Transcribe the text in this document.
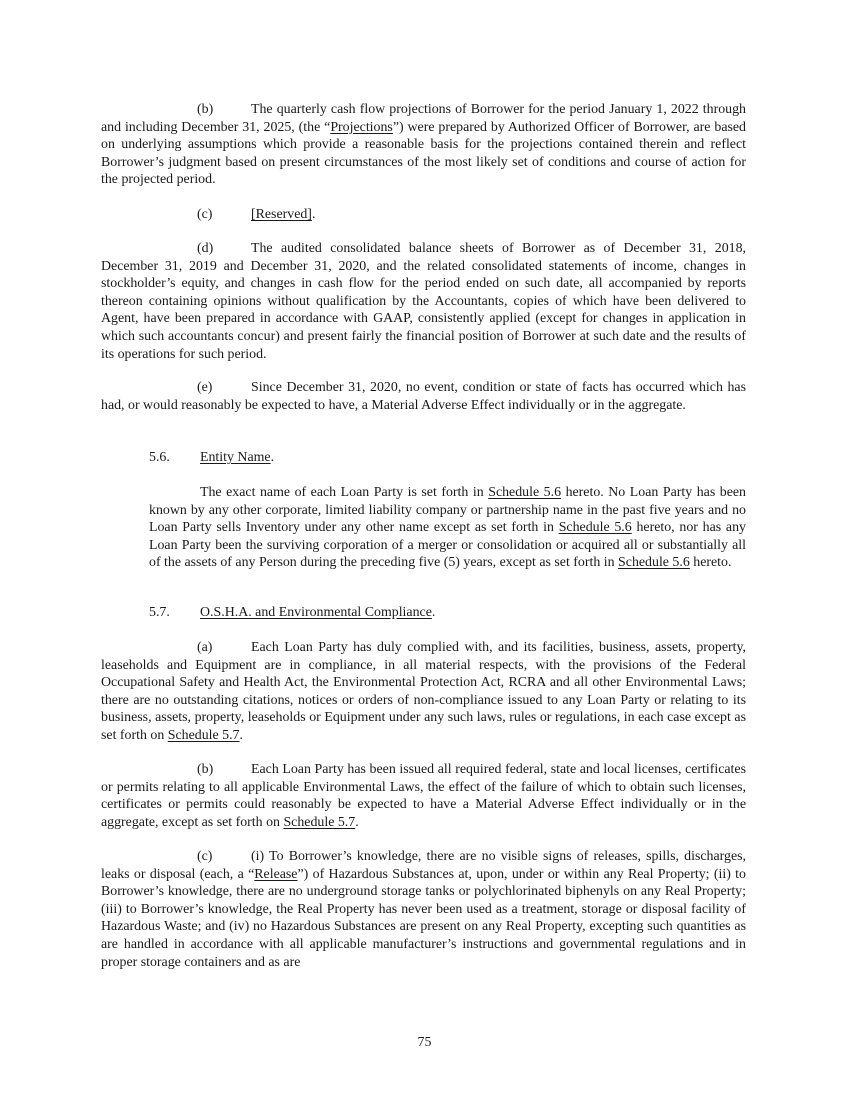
(b)	The quarterly cash flow projections of Borrower for the period January 1, 2022 through and including December 31, 2025, (the “Projections”) were prepared by Authorized Officer of Borrower, are based on underlying assumptions which provide a reasonable basis for the projections contained therein and reflect Borrower’s judgment based on present circumstances of the most likely set of conditions and course of action for the projected period.

(c)	[Reserved].

(d)	The audited consolidated balance sheets of Borrower as of December 31, 2018, December 31, 2019 and December 31, 2020, and the related consolidated statements of income, changes in stockholder’s equity, and changes in cash flow for the period ended on such date, all accompanied by reports thereon containing opinions without qualification by the Accountants, copies of which have been delivered to Agent, have been prepared in accordance with GAAP, consistently applied (except for changes in application in which such accountants concur) and present fairly the financial position of Borrower at such date and the results of its operations for such period.

(e)	Since December 31, 2020, no event, condition or state of facts has occurred which has had, or would reasonably be expected to have, a Material Adverse Effect individually or in the aggregate.

5.6. Entity Name.

The exact name of each Loan Party is set forth in Schedule 5.6 hereto. No Loan Party has been known by any other corporate, limited liability company or partnership name in the past five years and no Loan Party sells Inventory under any other name except as set forth in Schedule 5.6 hereto, nor has any Loan Party been the surviving corporation of a merger or consolidation or acquired all or substantially all of the assets of any Person during the preceding five (5) years, except as set forth in Schedule 5.6 hereto.

5.7. O.S.H.A. and Environmental Compliance.

(a)	Each Loan Party has duly complied with, and its facilities, business, assets, property, leaseholds and Equipment are in compliance, in all material respects, with the provisions of the Federal Occupational Safety and Health Act, the Environmental Protection Act, RCRA and all other Environmental Laws; there are no outstanding citations, notices or orders of non-compliance issued to any Loan Party or relating to its business, assets, property, leaseholds or Equipment under any such laws, rules or regulations, in each case except as set forth on Schedule 5.7.

(b)	Each Loan Party has been issued all required federal, state and local licenses, certificates or permits relating to all applicable Environmental Laws, the effect of the failure of which to obtain such licenses, certificates or permits could reasonably be expected to have a Material Adverse Effect individually or in the aggregate, except as set forth on Schedule 5.7.

(c)	(i) To Borrower’s knowledge, there are no visible signs of releases, spills, discharges, leaks or disposal (each, a “Release”) of Hazardous Substances at, upon, under or within any Real Property; (ii) to Borrower’s knowledge, there are no underground storage tanks or polychlorinated biphenyls on any Real Property; (iii) to Borrower’s knowledge, the Real Property has never been used as a treatment, storage or disposal facility of Hazardous Waste; and (iv) no Hazardous Substances are present on any Real Property, excepting such quantities as are handled in accordance with all applicable manufacturer’s instructions and governmental regulations and in proper storage containers and as are

75
